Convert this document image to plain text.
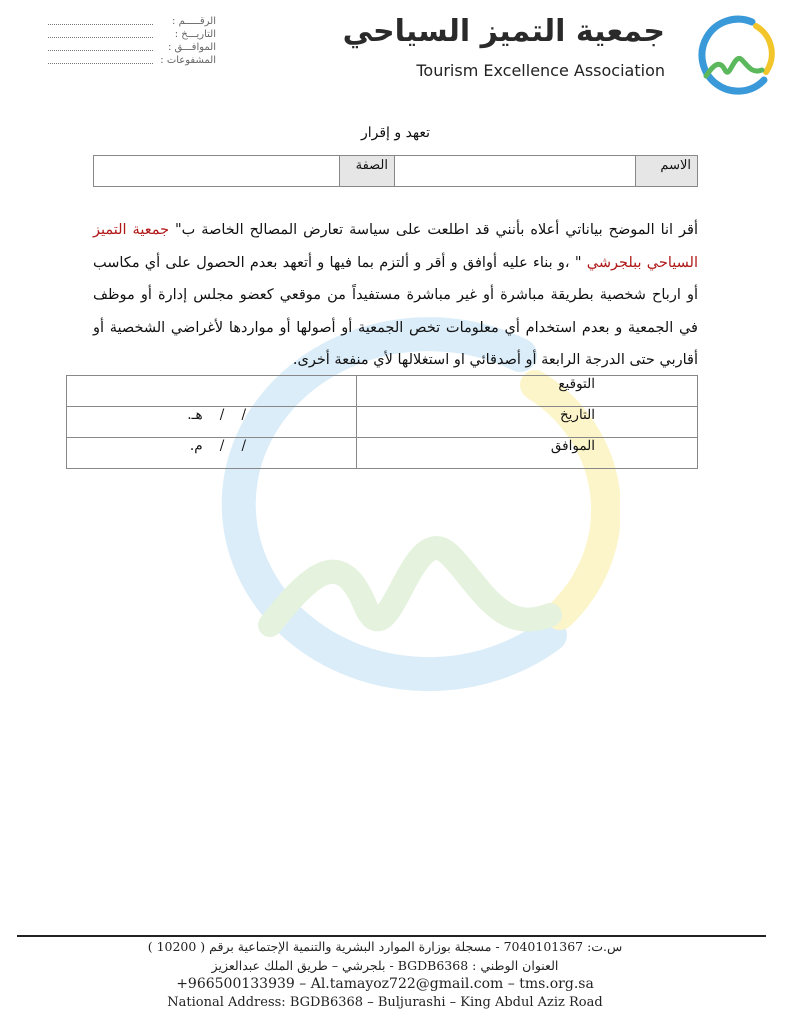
جمعية التميز السياحي
Tourism Excellence Association
الرقـــــم :
التاريـــخ :
الموافـــق :
المشفوعات :
تعهد و إقرار
الاسم
الصفة
أقر انا الموضح بياناتي أعلاه بأنني قد اطلعت على سياسة تعارض المصالح الخاصة ب" جمعية التميز السياحي ببلجرشي " ،و بناء عليه أوافق و أقر و ألتزم بما فيها و أتعهد بعدم الحصول على أي مكاسب أو ارباح شخصية بطريقة مباشرة أو غير مباشرة مستفيداً من موقعي كعضو مجلس إدارة أو موظف في الجمعية و بعدم استخدام أي معلومات تخص الجمعية أو أصولها أو مواردها لأغراضي الشخصية أو أقاربي حتى الدرجة الرابعة أو أصدقائي او استغلالها لأي منفعة أخرى.
التوقيع	
التاريخ	/    /    هـ.
الموافق	/    /    م.
س.ت: 7040101367 - مسجلة بوزارة الموارد البشرية والتنمية الإجتماعية برقم ( 10200 )
العنوان الوطني : BGDB6368 - بلجرشي – طريق الملك عبدالعزيز
+966500133939 – Al.tamayoz722@gmail.com – tms.org.sa
National Address: BGDB6368 – Buljurashi – King Abdul Aziz Road
